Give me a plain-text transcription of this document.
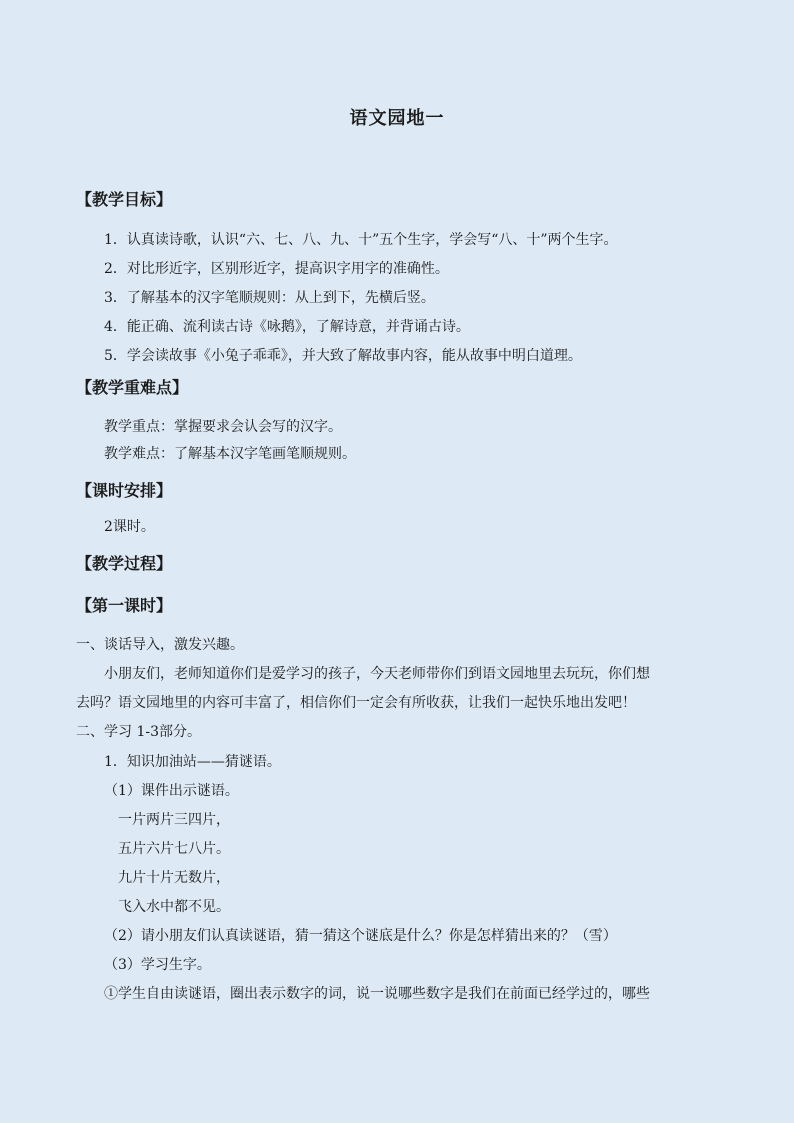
语文园地一
【教学目标】
1．认真读诗歌，认识“六、七、八、九、十”五个生字，学会写“八、十”两个生字。
2．对比形近字，区别形近字，提高识字用字的准确性。
3．了解基本的汉字笔顺规则：从上到下，先横后竖。
4．能正确、流利读古诗《咏鹅》，了解诗意，并背诵古诗。
5．学会读故事《小兔子乖乖》，并大致了解故事内容，能从故事中明白道理。
【教学重难点】
教学重点：掌握要求会认会写的汉字。
教学难点：了解基本汉字笔画笔顺规则。
【课时安排】
2课时。
【教学过程】
【第一课时】
一、谈话导入，激发兴趣。
小朋友们，老师知道你们是爱学习的孩子，今天老师带你们到语文园地里去玩玩，你们想
去吗？语文园地里的内容可丰富了，相信你们一定会有所收获，让我们一起快乐地出发吧！
二、学习 1-3部分。
1．知识加油站——猜谜语。
（1）课件出示谜语。
一片两片三四片，
五片六片七八片。
九片十片无数片，
飞入水中都不见。
（2）请小朋友们认真读谜语，猜一猜这个谜底是什么？你是怎样猜出来的？（雪）
（3）学习生字。
①学生自由读谜语，圈出表示数字的词，说一说哪些数字是我们在前面已经学过的，哪些
